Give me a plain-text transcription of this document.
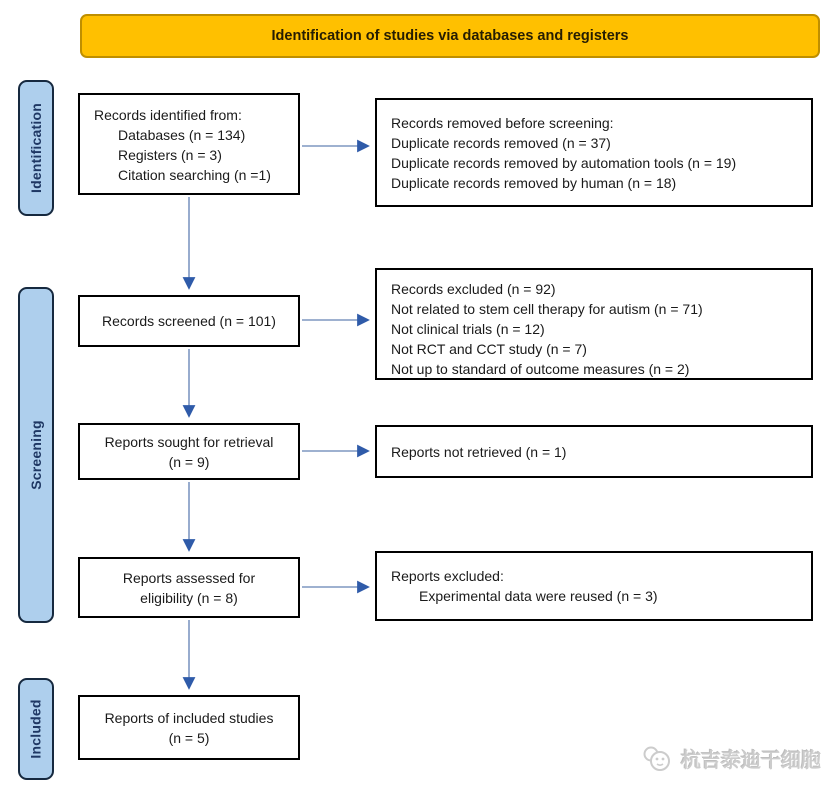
Identification of studies via databases and registers
Identification
Screening
Included
Records identified from:
Databases (n = 134)
Registers (n = 3)
Citation searching (n =1)
Records screened (n = 101)
Reports sought for retrieval
(n = 9)
Reports assessed for
eligibility (n = 8)
Reports of included studies
(n = 5)
Records removed before screening:
Duplicate records removed (n = 37)
Duplicate records removed by automation tools (n = 19)
Duplicate records removed by human (n = 18)
Records excluded (n = 92)
Not related to stem cell therapy for autism (n = 71)
Not clinical trials (n = 12)
Not RCT and CCT study (n = 7)
Not up to standard of outcome measures (n = 2)
Reports not retrieved (n = 1)
Reports excluded:
Experimental data were reused (n = 3)
杭吉泰迪干细胞
